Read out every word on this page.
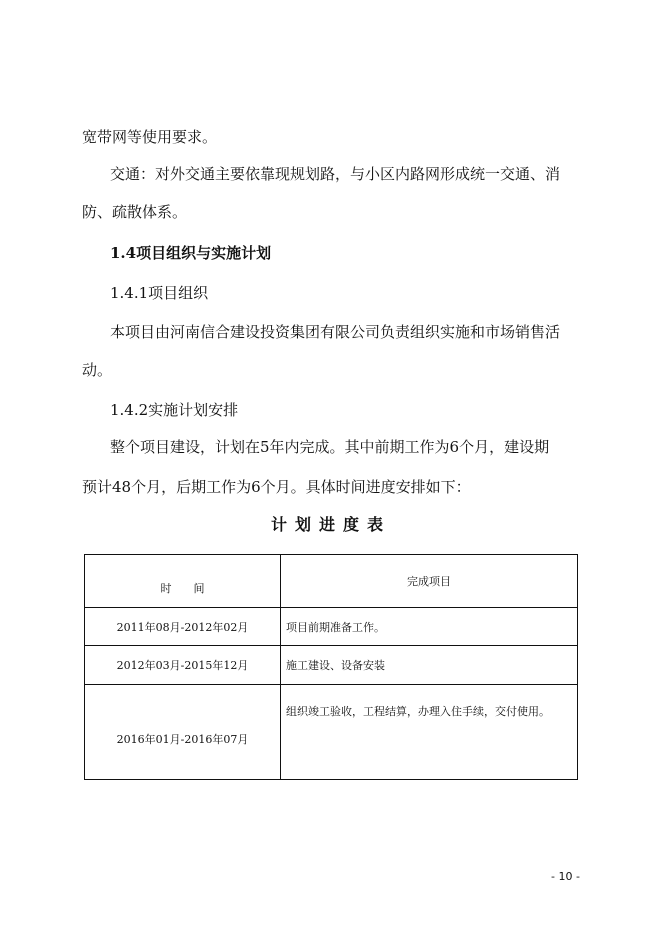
宽带网等使用要求。
交通：对外交通主要依靠现规划路，与小区内路网形成统一交通、消
防、疏散体系。
1.4项目组织与实施计划
1.4.1项目组织
本项目由河南信合建设投资集团有限公司负责组织实施和市场销售活
动。
1.4.2实施计划安排
整个项目建设，计划在5年内完成。其中前期工作为6个月，建设期
预计48个月，后期工作为6个月。具体时间进度安排如下：
计划进度表
时　　间	完成项目
2011年08月-2012年02月	项目前期准备工作。
2012年03月-2015年12月	施工建设、设备安装
2016年01月-2016年07月	组织竣工验收，工程结算，办理入住手续，交付使用。
- 10 -
